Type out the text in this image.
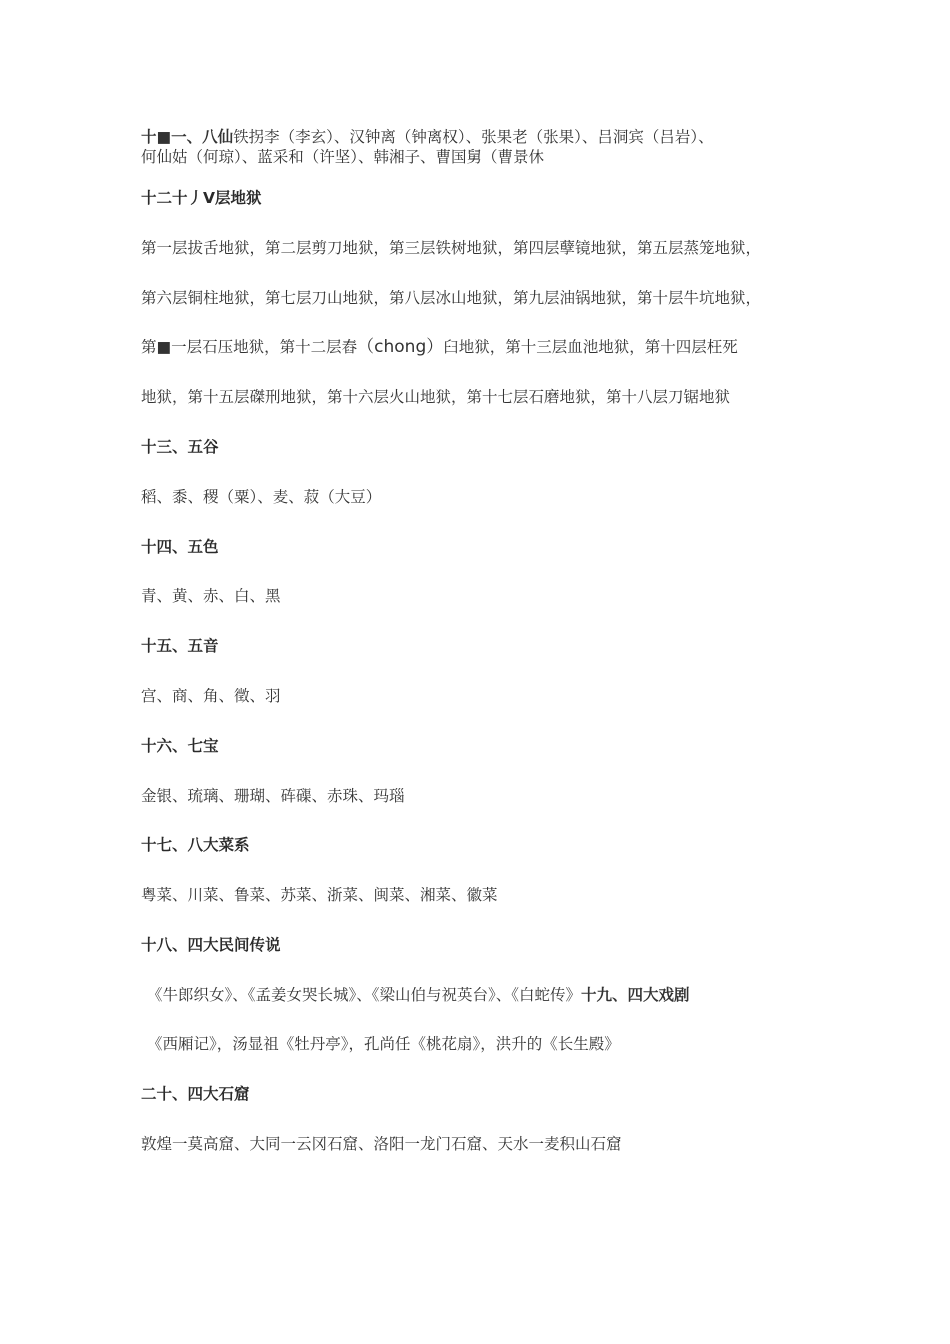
十■一、八仙铁拐李（李玄）、汉钟离（钟离权）、张果老（张果）、吕洞宾（吕岩）、
何仙姑（何琼）、蓝采和（许坚）、韩湘子、曹国舅（曹景休
十二十丿Ⅴ层地狱
第一层拔舌地狱，第二层剪刀地狱，第三层铁树地狱，第四层孽镜地狱，第五层蒸笼地狱，
第六层铜柱地狱，第七层刀山地狱，第八层冰山地狱，第九层油锅地狱，第十层牛坑地狱，
第■一层石压地狱，第十二层舂（chong）臼地狱，第十三层血池地狱，第十四层枉死
地狱，第十五层磔刑地狱，第十六层火山地狱，第十七层石磨地狱，第十八层刀锯地狱
十三、五谷
稻、黍、稷（粟）、麦、菽（大豆）
十四、五色
青、黄、赤、白、黑
十五、五音
宫、商、角、徵、羽
十六、七宝
金银、琉璃、珊瑚、砗磲、赤珠、玛瑙
十七、八大菜系
粤菜、川菜、鲁菜、苏菜、浙菜、闽菜、湘菜、徽菜
十八、四大民间传说
《牛郎织女》、《孟姜女哭长城》、《梁山伯与祝英台》、《白蛇传》十九、四大戏剧
《西厢记》，汤显祖《牡丹亭》，孔尚任《桃花扇》，洪升的《长生殿》
二十、四大石窟
敦煌一莫高窟、大同一云冈石窟、洛阳一龙门石窟、天水一麦积山石窟
